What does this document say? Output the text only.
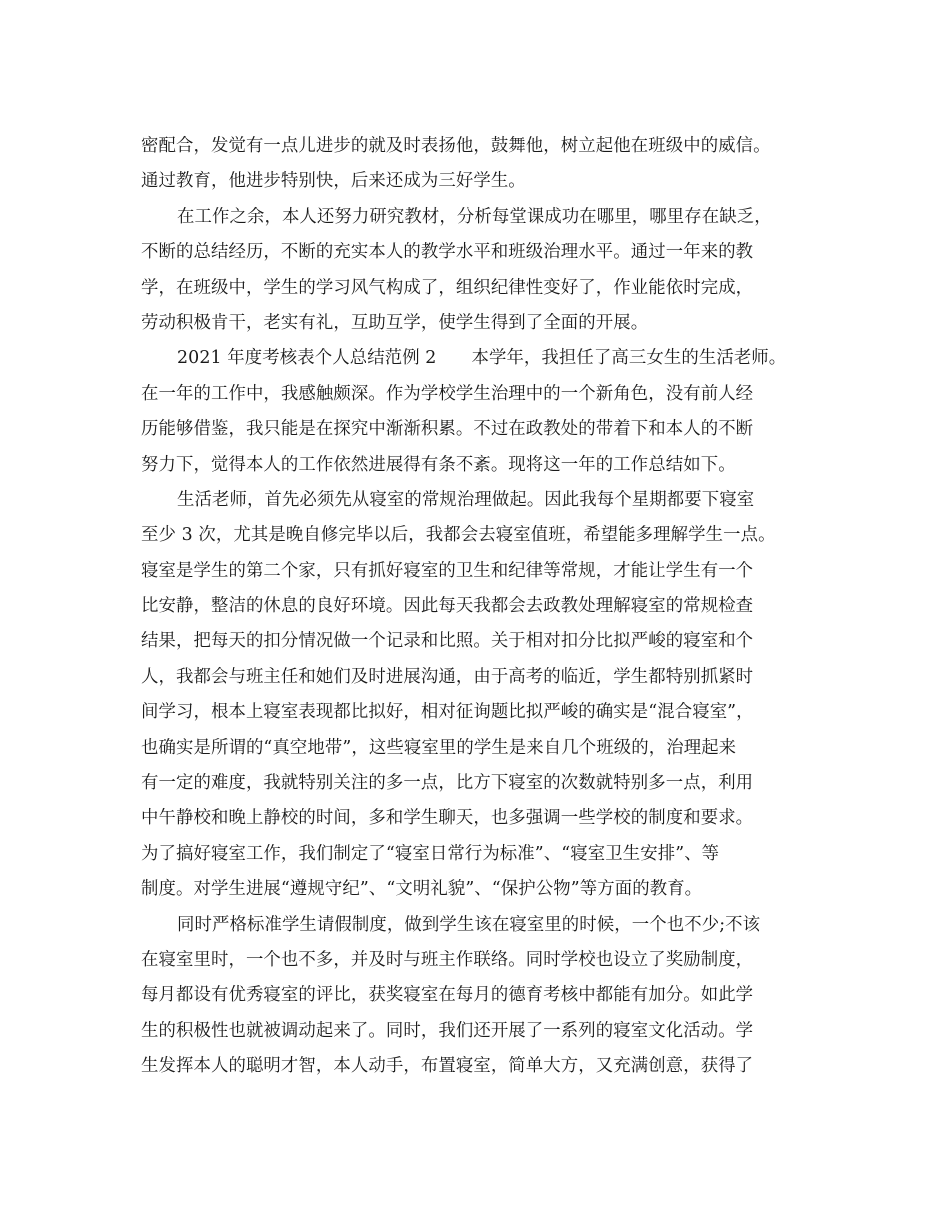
密配合，发觉有一点儿进步的就及时表扬他，鼓舞他，树立起他在班级中的威信。
通过教育，他进步特别快，后来还成为三好学生。
在工作之余，本人还努力研究教材，分析每堂课成功在哪里，哪里存在缺乏，
不断的总结经历，不断的充实本人的教学水平和班级治理水平。通过一年来的教
学，在班级中，学生的学习风气构成了，组织纪律性变好了，作业能依时完成，
劳动积极肯干，老实有礼，互助互学，使学生得到了全面的开展。
2021 年度考核表个人总结范例 2　　本学年，我担任了高三女生的生活老师。
在一年的工作中，我感触颇深。作为学校学生治理中的一个新角色，没有前人经
历能够借鉴，我只能是在探究中渐渐积累。不过在政教处的带着下和本人的不断
努力下，觉得本人的工作依然进展得有条不紊。现将这一年的工作总结如下。
生活老师，首先必须先从寝室的常规治理做起。因此我每个星期都要下寝室
至少 3 次，尤其是晚自修完毕以后，我都会去寝室值班，希望能多理解学生一点。
寝室是学生的第二个家，只有抓好寝室的卫生和纪律等常规，才能让学生有一个
比安静，整洁的休息的良好环境。因此每天我都会去政教处理解寝室的常规检查
结果，把每天的扣分情况做一个记录和比照。关于相对扣分比拟严峻的寝室和个
人，我都会与班主任和她们及时进展沟通，由于高考的临近，学生都特别抓紧时
间学习，根本上寝室表现都比拟好，相对征询题比拟严峻的确实是“混合寝室”，
也确实是所谓的“真空地带”，这些寝室里的学生是来自几个班级的，治理起来
有一定的难度，我就特别关注的多一点，比方下寝室的次数就特别多一点，利用
中午静校和晚上静校的时间，多和学生聊天，也多强调一些学校的制度和要求。
为了搞好寝室工作，我们制定了“寝室日常行为标准”、“寝室卫生安排”、等
制度。对学生进展“遵规守纪”、“文明礼貌”、“保护公物”等方面的教育。
同时严格标准学生请假制度，做到学生该在寝室里的时候，一个也不少;不该
在寝室里时，一个也不多，并及时与班主作联络。同时学校也设立了奖励制度，
每月都设有优秀寝室的评比，获奖寝室在每月的德育考核中都能有加分。如此学
生的积极性也就被调动起来了。同时，我们还开展了一系列的寝室文化活动。学
生发挥本人的聪明才智，本人动手，布置寝室，简单大方，又充满创意，获得了
